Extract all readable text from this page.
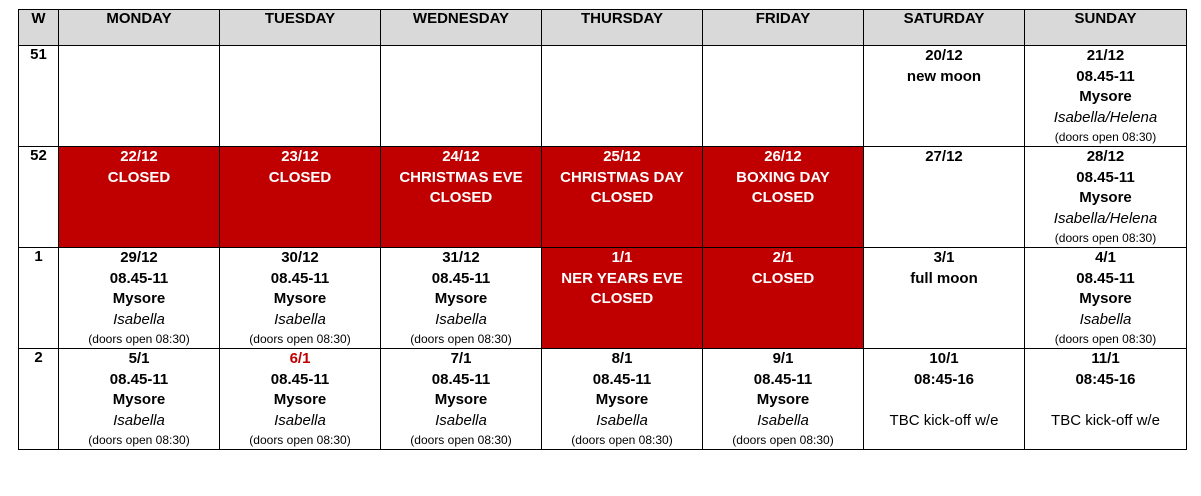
W	MONDAY	TUESDAY	WEDNESDAY	THURSDAY	FRIDAY	SATURDAY	SUNDAY
51						20/12
new moon	21/12
08.45-11
Mysore
Isabella/Helena
(doors open 08:30)

52	22/12
CLOSED	23/12
CLOSED	24/12
CHRISTMAS EVE
CLOSED	25/12
CHRISTMAS DAY
CLOSED	26/12
BOXING DAY
CLOSED	27/12	28/12
08.45-11
Mysore
Isabella/Helena
(doors open 08:30)

1	29/12
08.45-11
Mysore
Isabella
(doors open 08:30)	30/12
08.45-11
Mysore
Isabella
(doors open 08:30)	31/12
08.45-11
Mysore
Isabella
(doors open 08:30)	1/1
NER YEARS EVE
CLOSED	2/1
CLOSED	3/1
full moon	4/1
08.45-11
Mysore
Isabella
(doors open 08:30)

2	5/1
08.45-11
Mysore
Isabella
(doors open 08:30)	6/1
08.45-11
Mysore
Isabella
(doors open 08:30)	7/1
08.45-11
Mysore
Isabella
(doors open 08:30)	8/1
08.45-11
Mysore
Isabella
(doors open 08:30)	9/1
08.45-11
Mysore
Isabella
(doors open 08:30)	10/1
08:45-16
TBC kick-off w/e	11/1
08:45-16
TBC kick-off w/e
